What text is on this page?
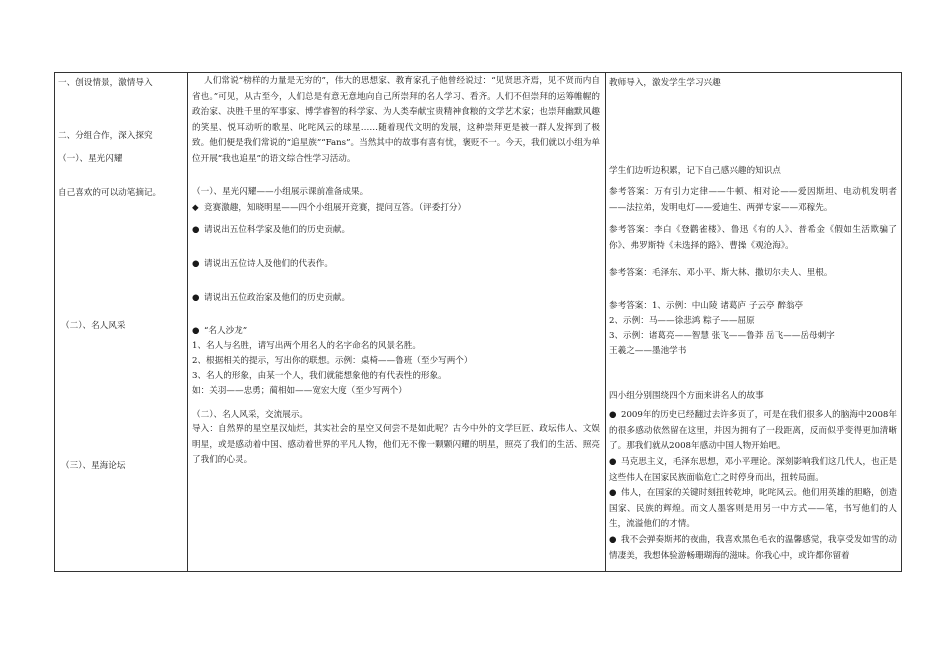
一、创设情景，激情导入
二、分组合作，深入探究
（一）、星光闪耀
自己喜欢的可以动笔摘记。
（二）、名人风采
（三）、星海论坛

人们常说“榜样的力量是无穷的”，伟大的思想家、教育家孔子他曾经说过：“见贤思齐焉，见不贤而内自省也。”可见，从古至今，人们总是有意无意地向自己所崇拜的名人学习、看齐。人们不但崇拜的运筹帷幄的政治家、决胜千里的军事家、博学睿智的科学家、为人类奉献宝贵精神食粮的文学艺术家；也崇拜幽默风趣的笑星、悦耳动听的歌星、叱咤风云的球星……随着现代文明的发展，这种崇拜更是被一群人发挥到了极致。他们便是我们常说的“追星族”“Fans”。当然其中的故事有喜有忧，褒贬不一。今天，我们就以小组为单位开展“我也追星”的语文综合性学习活动。
（一）、星光闪耀——小组展示课前准备成果。
◆ 竞赛激趣，知晓明星——四个小组展开竞赛，提问互答。（评委打分）
● 请说出五位科学家及他们的历史贡献。
● 请说出五位诗人及他们的代表作。
● 请说出五位政治家及他们的历史贡献。
● “名人沙龙”
1、名人与名胜，请写出两个用名人的名字命名的风景名胜。
2、根据相关的提示，写出你的联想。示例：桌椅——鲁班（至少写两个）
3、名人的形象，由某一个人，我们就能想象他的有代表性的形象。
如：关羽——忠勇；蔺相如——宽宏大度（至少写两个）
（二）、名人风采，交流展示。
导入：自然界的星空星汉灿烂，其实社会的星空又何尝不是如此呢？古今中外的文学巨匠、政坛伟人、文娱明星，或是感动着中国、感动着世界的平凡人物，他们无不像一颗颗闪耀的明星，照亮了我们的生活、照亮了我们的心灵。

教师导入，激发学生学习兴趣
学生们边听边积累，记下自己感兴趣的知识点
参考答案：万有引力定律——牛顿、相对论——爱因斯坦、电动机发明者——法拉弟，发明电灯——爱迪生、两弹专家——邓稼先。
参考答案：李白《登鹳雀楼》、鲁迅《有的人》、普希金《假如生活欺骗了你》、弗罗斯特《未选择的路》、曹操《观沧海》。
参考答案：毛泽东、邓小平、斯大林、撒切尔夫人、里根。
参考答案：1、示例：中山陵 诸葛庐 子云亭 醉翁亭
2、示例：马——徐悲鸿 粽子——屈原
3、示例：诸葛亮——智慧 张飞——鲁莽 岳飞——岳母刺字
王羲之——墨池学书
四小组分别围绕四个方面来讲名人的故事
● 2009年的历史已经翻过去许多页了，可是在我们很多人的脑海中2008年的很多感动依然留在这里，并因为拥有了一段距离，反而似乎变得更加清晰了。那我们就从2008年感动中国人物开始吧。
● 马克思主义，毛泽东思想，邓小平理论。深刻影响我们这几代人，也正是这些伟人在国家民族面临危亡之时停身而出，扭转局面。
● 伟人，在国家的关键时刻扭转乾坤，叱咤风云。他们用英雄的胆略，创造国家、民族的辉煌。而文人墨客则是用另一中方式——笔，书写他们的人生，流溢他们的才情。
● 我不会弹奏斯邦的夜曲，我喜欢黑色毛衣的温馨感觉，我享受发如雪的动情凄美，我想体验游畅珊瑚海的滋味。你我心中，或许都你留着
